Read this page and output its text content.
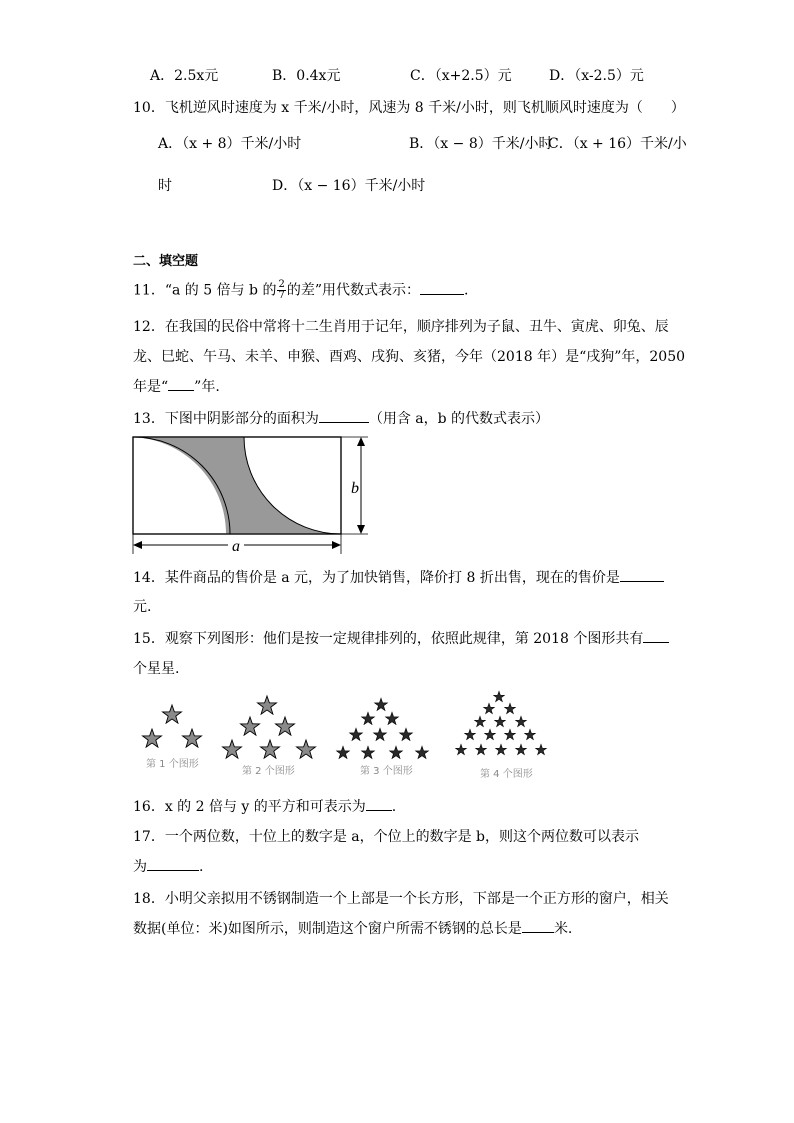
A．2.5x元	B．0.4x元	C．（x+2.5）元	D．（x-2.5）元
10．飞机逆风时速度为 x 千米/小时，风速为 8 千米/小时，则飞机顺风时速度为（　　）
A．（x + 8）千米/小时	B．（x − 8）千米/小时
C．（x + 16）千米/小
时	D．（x − 16）千米/小时
二、填空题
11．“a 的 5 倍与 b 的 $\frac{2}{7}$ 的差”用代数式表示：	.
12．在我国的民俗中常将十二生肖用于记年，顺序排列为子鼠、丑牛、寅虎、卯兔、辰
龙、巳蛇、午马、未羊、申猴、酉鸡、戌狗、亥猪，今年（2018 年）是“戌狗”年，2050
年是“ ”年.
13．下图中阴影部分的面积为	（用含 a，b 的代数式表示）
b
a
14．某件商品的售价是 a 元，为了加快销售，降价打 8 折出售，现在的售价是
元.
15．观察下列图形：他们是按一定规律排列的，依照此规律，第 2018 个图形共有
个星星.
第 1 个图形
第 2 个图形	第 3 个图形	第 4 个图形
16．x 的 2 倍与 y 的平方和可表示为 .
17．一个两位数，十位上的数字是 a，个位上的数字是 b，则这个两位数可以表示
为	.
18．小明父亲拟用不锈钢制造一个上部是一个长方形，下部是一个正方形的窗户，相关
数据(单位：米)如图所示，则制造这个窗户所需不锈钢的总长是 米.
